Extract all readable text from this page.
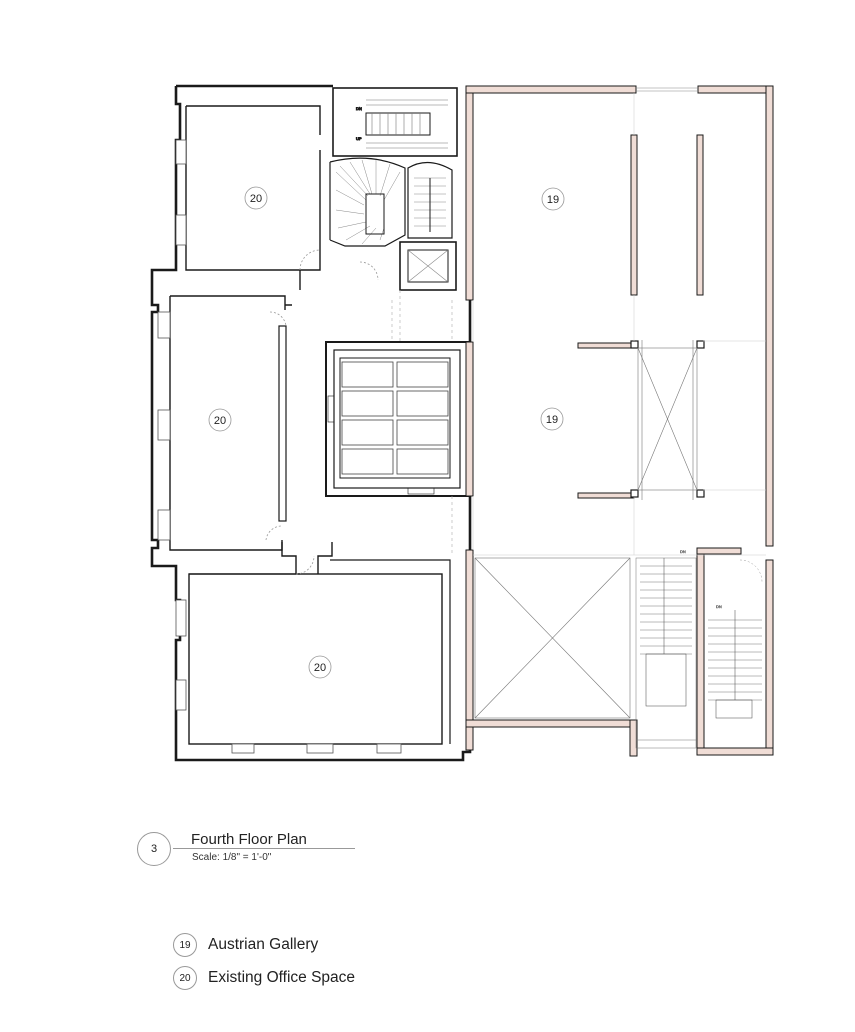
DN
UP
DN
DN
20
20
20
19
19
3
Fourth Floor Plan
Scale: 1/8" = 1'-0"
19	Austrian Gallery
20	Existing Office Space
